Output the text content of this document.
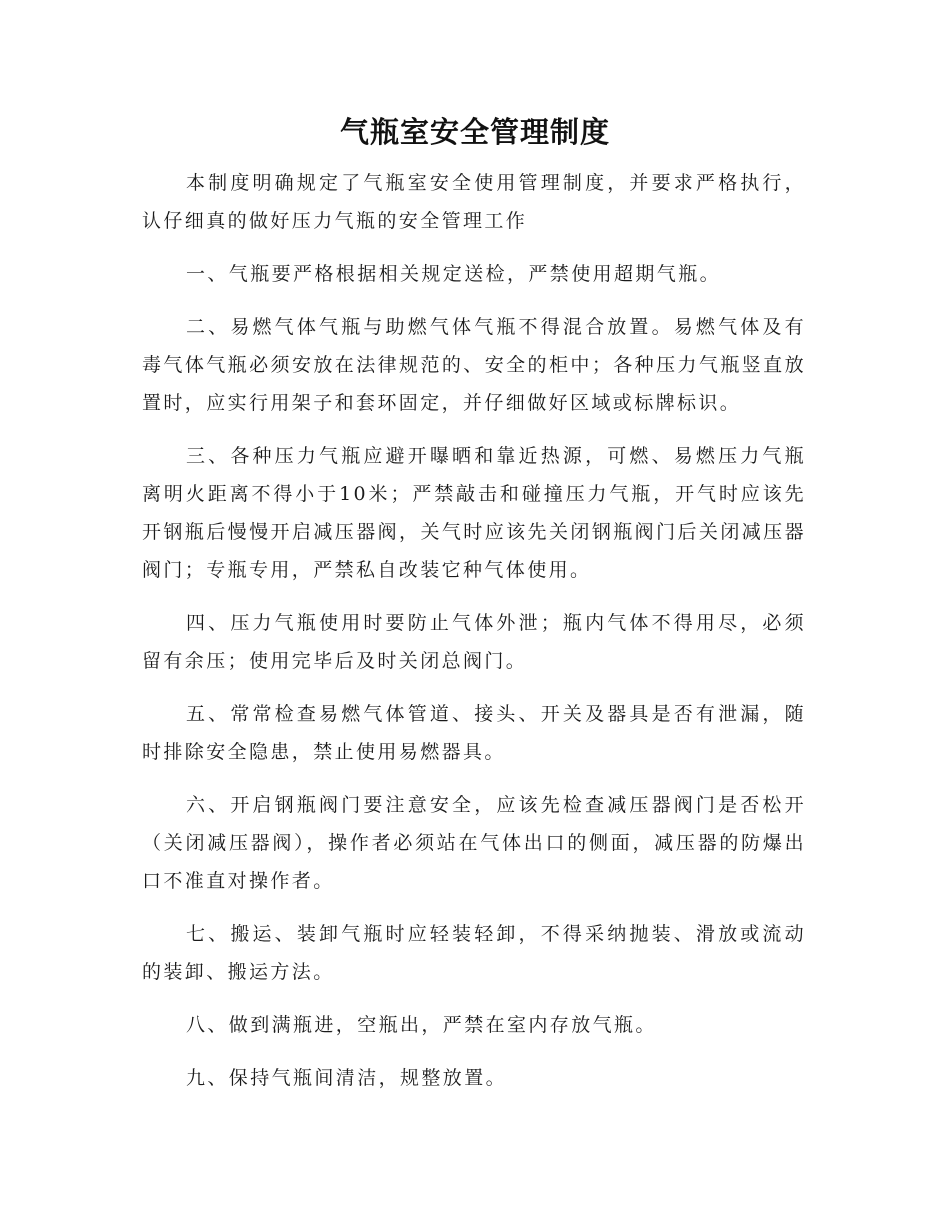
气瓶室安全管理制度

本制度明确规定了气瓶室安全使用管理制度，并要求严格执行，认仔细真的做好压力气瓶的安全管理工作

一、气瓶要严格根据相关规定送检，严禁使用超期气瓶。

二、易燃气体气瓶与助燃气体气瓶不得混合放置。易燃气体及有毒气体气瓶必须安放在法律规范的、安全的柜中；各种压力气瓶竖直放置时，应实行用架子和套环固定，并仔细做好区域或标牌标识。

三、各种压力气瓶应避开曝晒和靠近热源，可燃、易燃压力气瓶离明火距离不得小于10米；严禁敲击和碰撞压力气瓶，开气时应该先开钢瓶后慢慢开启减压器阀，关气时应该先关闭钢瓶阀门后关闭减压器阀门；专瓶专用，严禁私自改装它种气体使用。

四、压力气瓶使用时要防止气体外泄；瓶内气体不得用尽，必须留有余压；使用完毕后及时关闭总阀门。

五、常常检查易燃气体管道、接头、开关及器具是否有泄漏，随时排除安全隐患，禁止使用易燃器具。

六、开启钢瓶阀门要注意安全，应该先检查减压器阀门是否松开（关闭减压器阀），操作者必须站在气体出口的侧面，减压器的防爆出口不准直对操作者。

七、搬运、装卸气瓶时应轻装轻卸，不得采纳抛装、滑放或流动的装卸、搬运方法。

八、做到满瓶进，空瓶出，严禁在室内存放气瓶。

九、保持气瓶间清洁，规整放置。
